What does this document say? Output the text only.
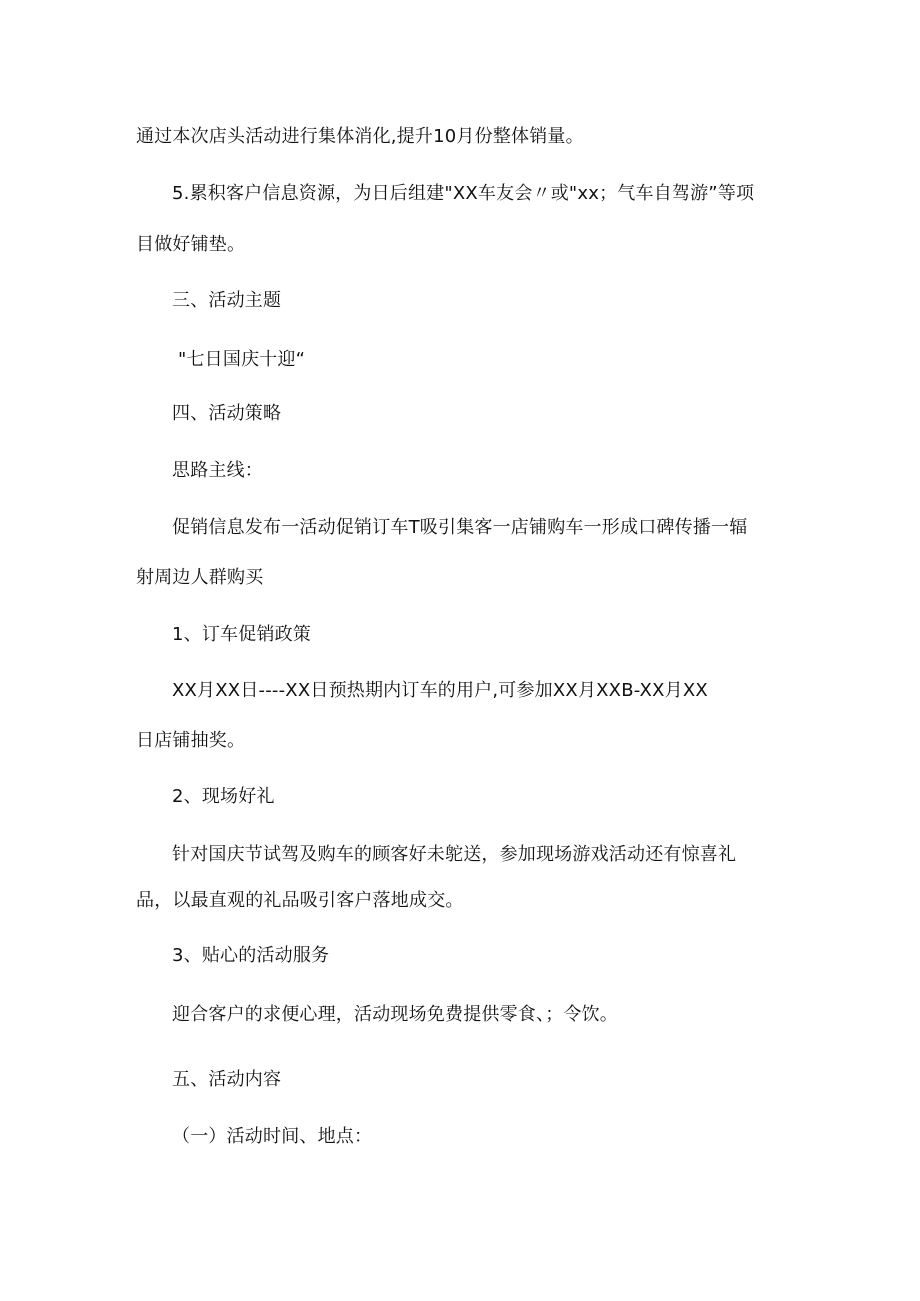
通过本次店头活动进行集体消化,提升10月份整体销量。
5.累积客户信息资源，为日后组建"XX车友会〃或"xx；气车自驾游”等项
目做好铺垫。
三、活动主题
"七日国庆十迎“
四、活动策略
思路主线：
促销信息发布一活动促销订车T吸引集客一店铺购车一形成口碑传播一辐
射周边人群购买
1、订车促销政策
XX月XX日----XX日预热期内订车的用户,可参加XX月XXB-XX月XX
日店铺抽奖。
2、现场好礼
针对国庆节试驾及购车的顾客好未鸵送，参加现场游戏活动还有惊喜礼
品，以最直观的礼品吸引客户落地成交。
3、贴心的活动服务
迎合客户的求便心理，活动现场免费提供零食、；令饮。
五、活动内容
（一）活动时间、地点：
